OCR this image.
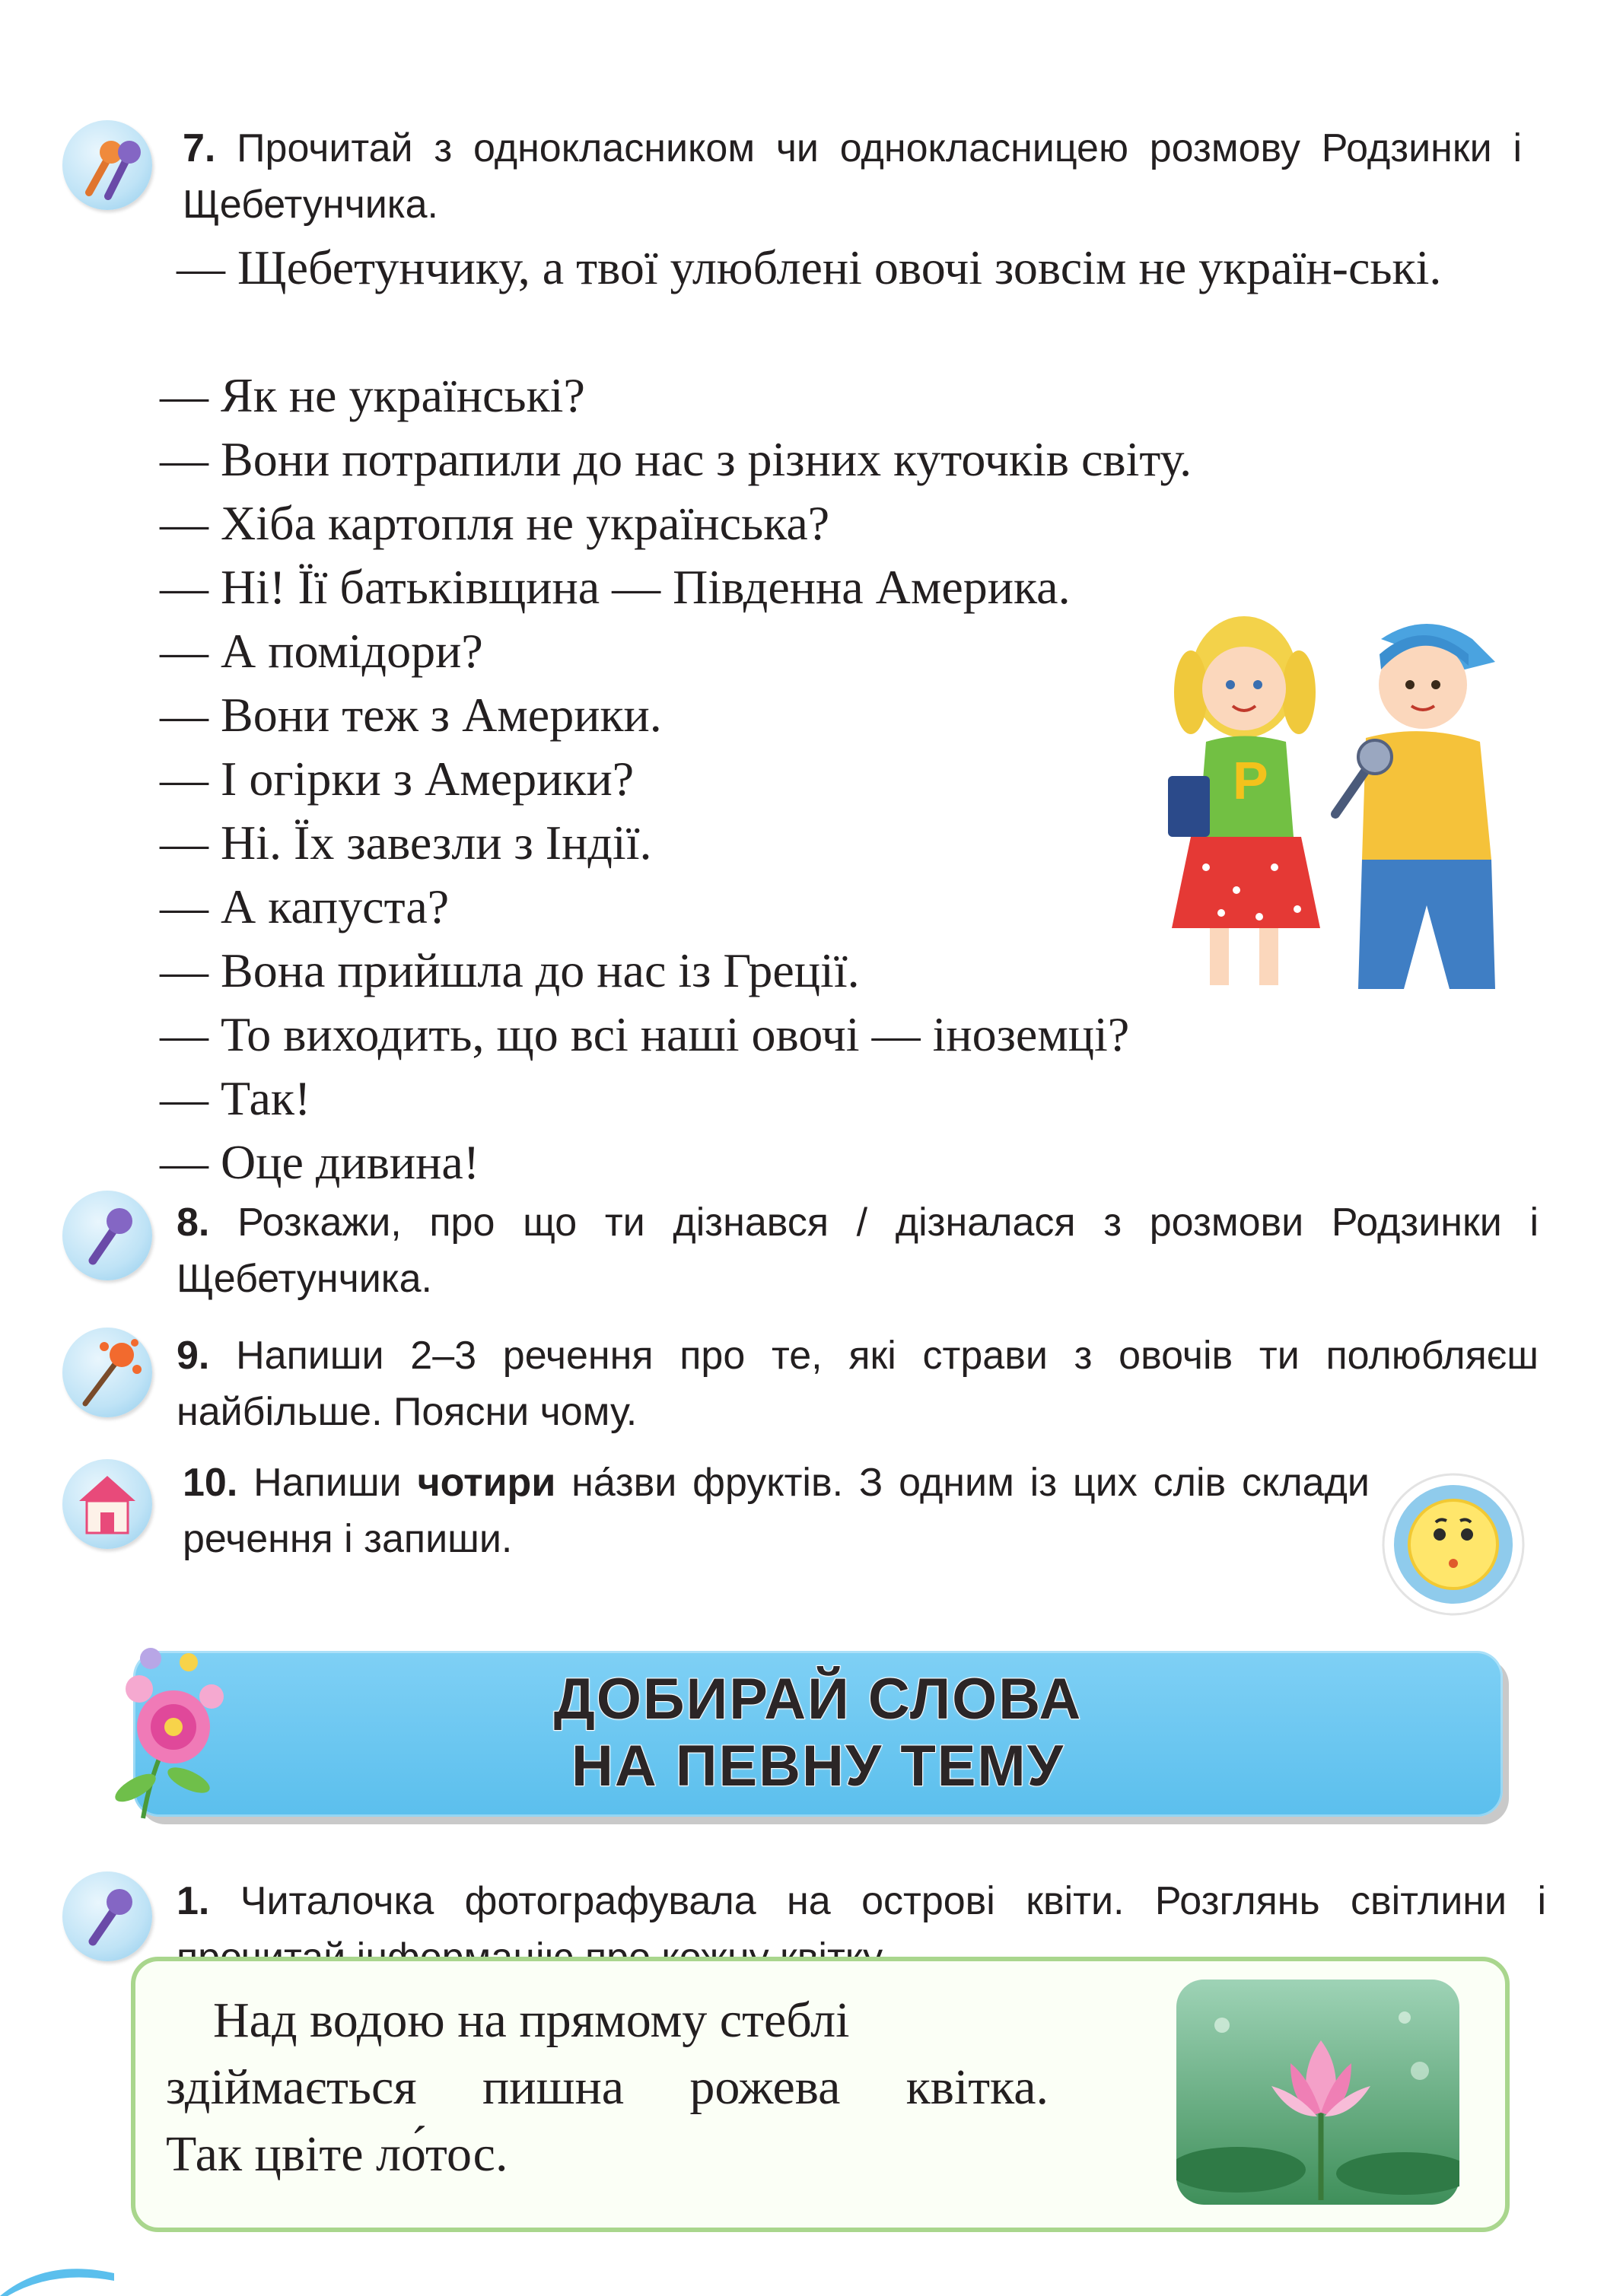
7. Прочитай з однокласником чи однокласницею розмову Родзинки і Щебетунчика.

— Щебетунчику, а твої улюблені овочі зовсім не україн-ські.

— Як не українські?

— Вони потрапили до нас з різних куточків світу.

— Хіба картопля не українська?

— Ні! Її батьківщина — Південна Америка.

— А помідори?

— Вони теж з Америки.

— І огірки з Америки?

— Ні. Їх завезли з Індії.

— А капуста?

— Вона прийшла до нас із Греції.

— То виходить, що всі наші овочі — іноземці?

— Так!

— Оце дивина!

P

8. Розкажи, про що ти дізнався / дізналася з розмови Родзинки і Щебетунчика.

9. Напиши 2–3 речення про те, які страви з овочів ти полюбляєш найбільше. Поясни чому.

10. Напиши чотири на́зви фруктів. З одним із цих слів склади речення і запиши.

ДОБИРАЙ СЛОВА

НА ПЕВНУ ТЕМУ

1. Читалочка фотографувала на острові квіти. Розглянь світлини і

Над водою на прямому стеблі
здіймається пишна рожева квітка.
Так цвіте ло́тос.
